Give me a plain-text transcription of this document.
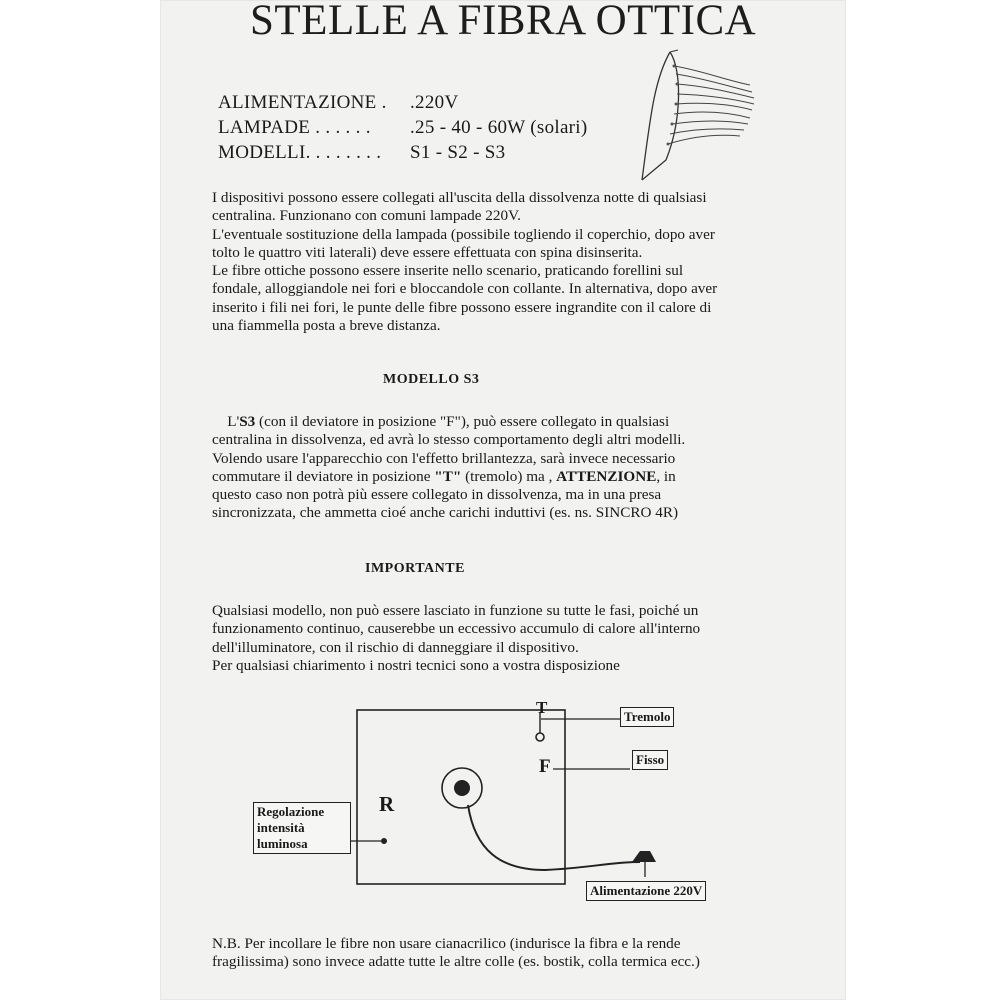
STELLE A FIBRA OTTICA
ALIMENTAZIONE . .220V
LAMPADE . . . . . . .25 - 40 - 60W (solari)
MODELLI. . . . . . . . S1 - S2 - S3
I dispositivi possono essere collegati all'uscita della dissolvenza notte di qualsiasi
centralina. Funzionano con comuni lampade 220V.
L'eventuale sostituzione della lampada (possibile togliendo il coperchio, dopo aver
tolto le quattro viti laterali) deve essere effettuata con spina disinserita.
Le fibre ottiche possono essere inserite nello scenario, praticando forellini sul
fondale, alloggiandole nei fori e bloccandole con collante. In alternativa, dopo aver
inserito i fili nei fori, le punte delle fibre possono essere ingrandite con il calore di
una fiammella posta a breve distanza.
MODELLO S3
L'S3 (con il deviatore in posizione "F"), può essere collegato in qualsiasi
centralina in dissolvenza, ed avrà lo stesso comportamento degli altri modelli.
Volendo usare l'apparecchio con l'effetto brillantezza, sarà invece necessario
commutare il deviatore in posizione "T" (tremolo) ma , ATTENZIONE, in
questo caso non potrà più essere collegato in dissolvenza, ma in una presa
sincronizzata, che ammetta cioé anche carichi induttivi (es. ns. SINCRO 4R)
IMPORTANTE
Qualsiasi modello, non può essere lasciato in funzione su tutte le fasi, poiché un
funzionamento continuo, causerebbe un eccessivo accumulo di calore all'interno
dell'illuminatore, con il rischio di danneggiare il dispositivo.
Per qualsiasi chiarimento i nostri tecnici sono a vostra disposizione
T
F
R
Tremolo
Fisso
Regolazione
intensità
luminosa
Alimentazione 220V
N.B. Per incollare le fibre non usare cianacrilico (indurisce la fibra e la rende
fragilissima) sono invece adatte tutte le altre colle (es. bostik, colla termica ecc.)
